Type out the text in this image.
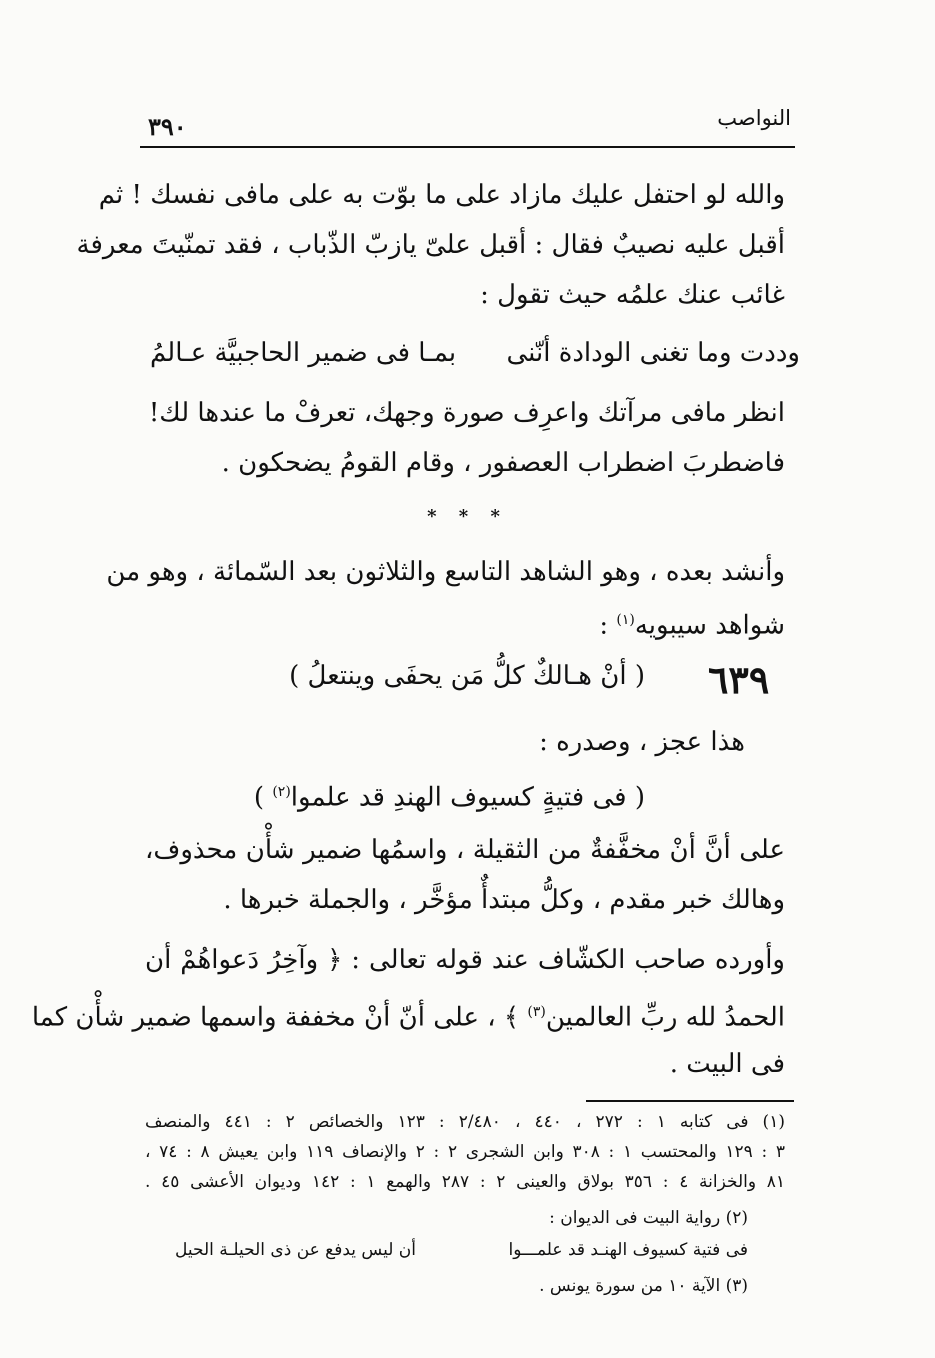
٣٩٠	النواصب
والله لو احتفل عليك مازاد على ما بوّت به على مافى نفسك ! ثم
أقبل عليه نصيبٌ فقال : أقبل علىّ يازبّ الذّباب ، فقد تمنّيتَ معرفة
غائب عنك علمُه حيث تقول :
وددت وما تغنى الودادة أنّنى
بمـا فى ضمير الحاجبيَّة عـالمُ
انظر مافى مرآتك واعرِف صورة وجهك، تعرفْ ما عندها لك!
فاضطربَ اضطراب العصفور ، وقام القومُ يضحكون .
* * *
وأنشد بعده ، وهو الشاهد التاسع والثلاثون بعد السّمائة ، وهو من
شواهد سيبويه$^{(١)}$ :
٦٣٩
( أنْ هـالكٌ كلُّ مَن يحفَى وينتعلُ )
هذا عجز ، وصدره :
( فى فتيةٍ كسيوف الهندِ قد علموا$^{(٢)}$ )
على أنَّ أنْ مخفَّفةٌ من الثقيلة ، واسمُها ضمير شأْن محذوف،
وهالك خبر مقدم ، وكلُّ مبتدأٌ مؤخَّر ، والجملة خبرها .
وأورده صاحب الكشّاف عند قوله تعالى : ﴿ وآخِرُ دَعواهُمْ أن
الحمدُ لله ربِّ العالمين$^{(٣)}$ ﴾ ، على أنّ أنْ مخففة واسمها ضمير شأْن كما
فى البيت .
(١) فى كتابه ١ : ٢٧٢ ، ٤٤٠ ، ٢/٤٨٠ : ١٢٣ والخصائص ٢ : ٤٤١ والمنصف
٣ : ١٢٩ والمحتسب ١ : ٣٠٨ وابن الشجرى ٢ : ٢ والإنصاف ١١٩ وابن يعيش ٨ : ٧٤ ،
٨١ والخزانة ٤ : ٣٥٦ بولاق والعينى ٢ : ٢٨٧ والهمع ١ : ١٤٢ وديوان الأعشى ٤٥ .
(٢) رواية البيت فى الديوان :
فى فتية كسيوف الهنـد قد علمـــوا
أن ليس يدفع عن ذى الحيلـة الحيل
(٣) الآية ١٠ من سورة يونس .
